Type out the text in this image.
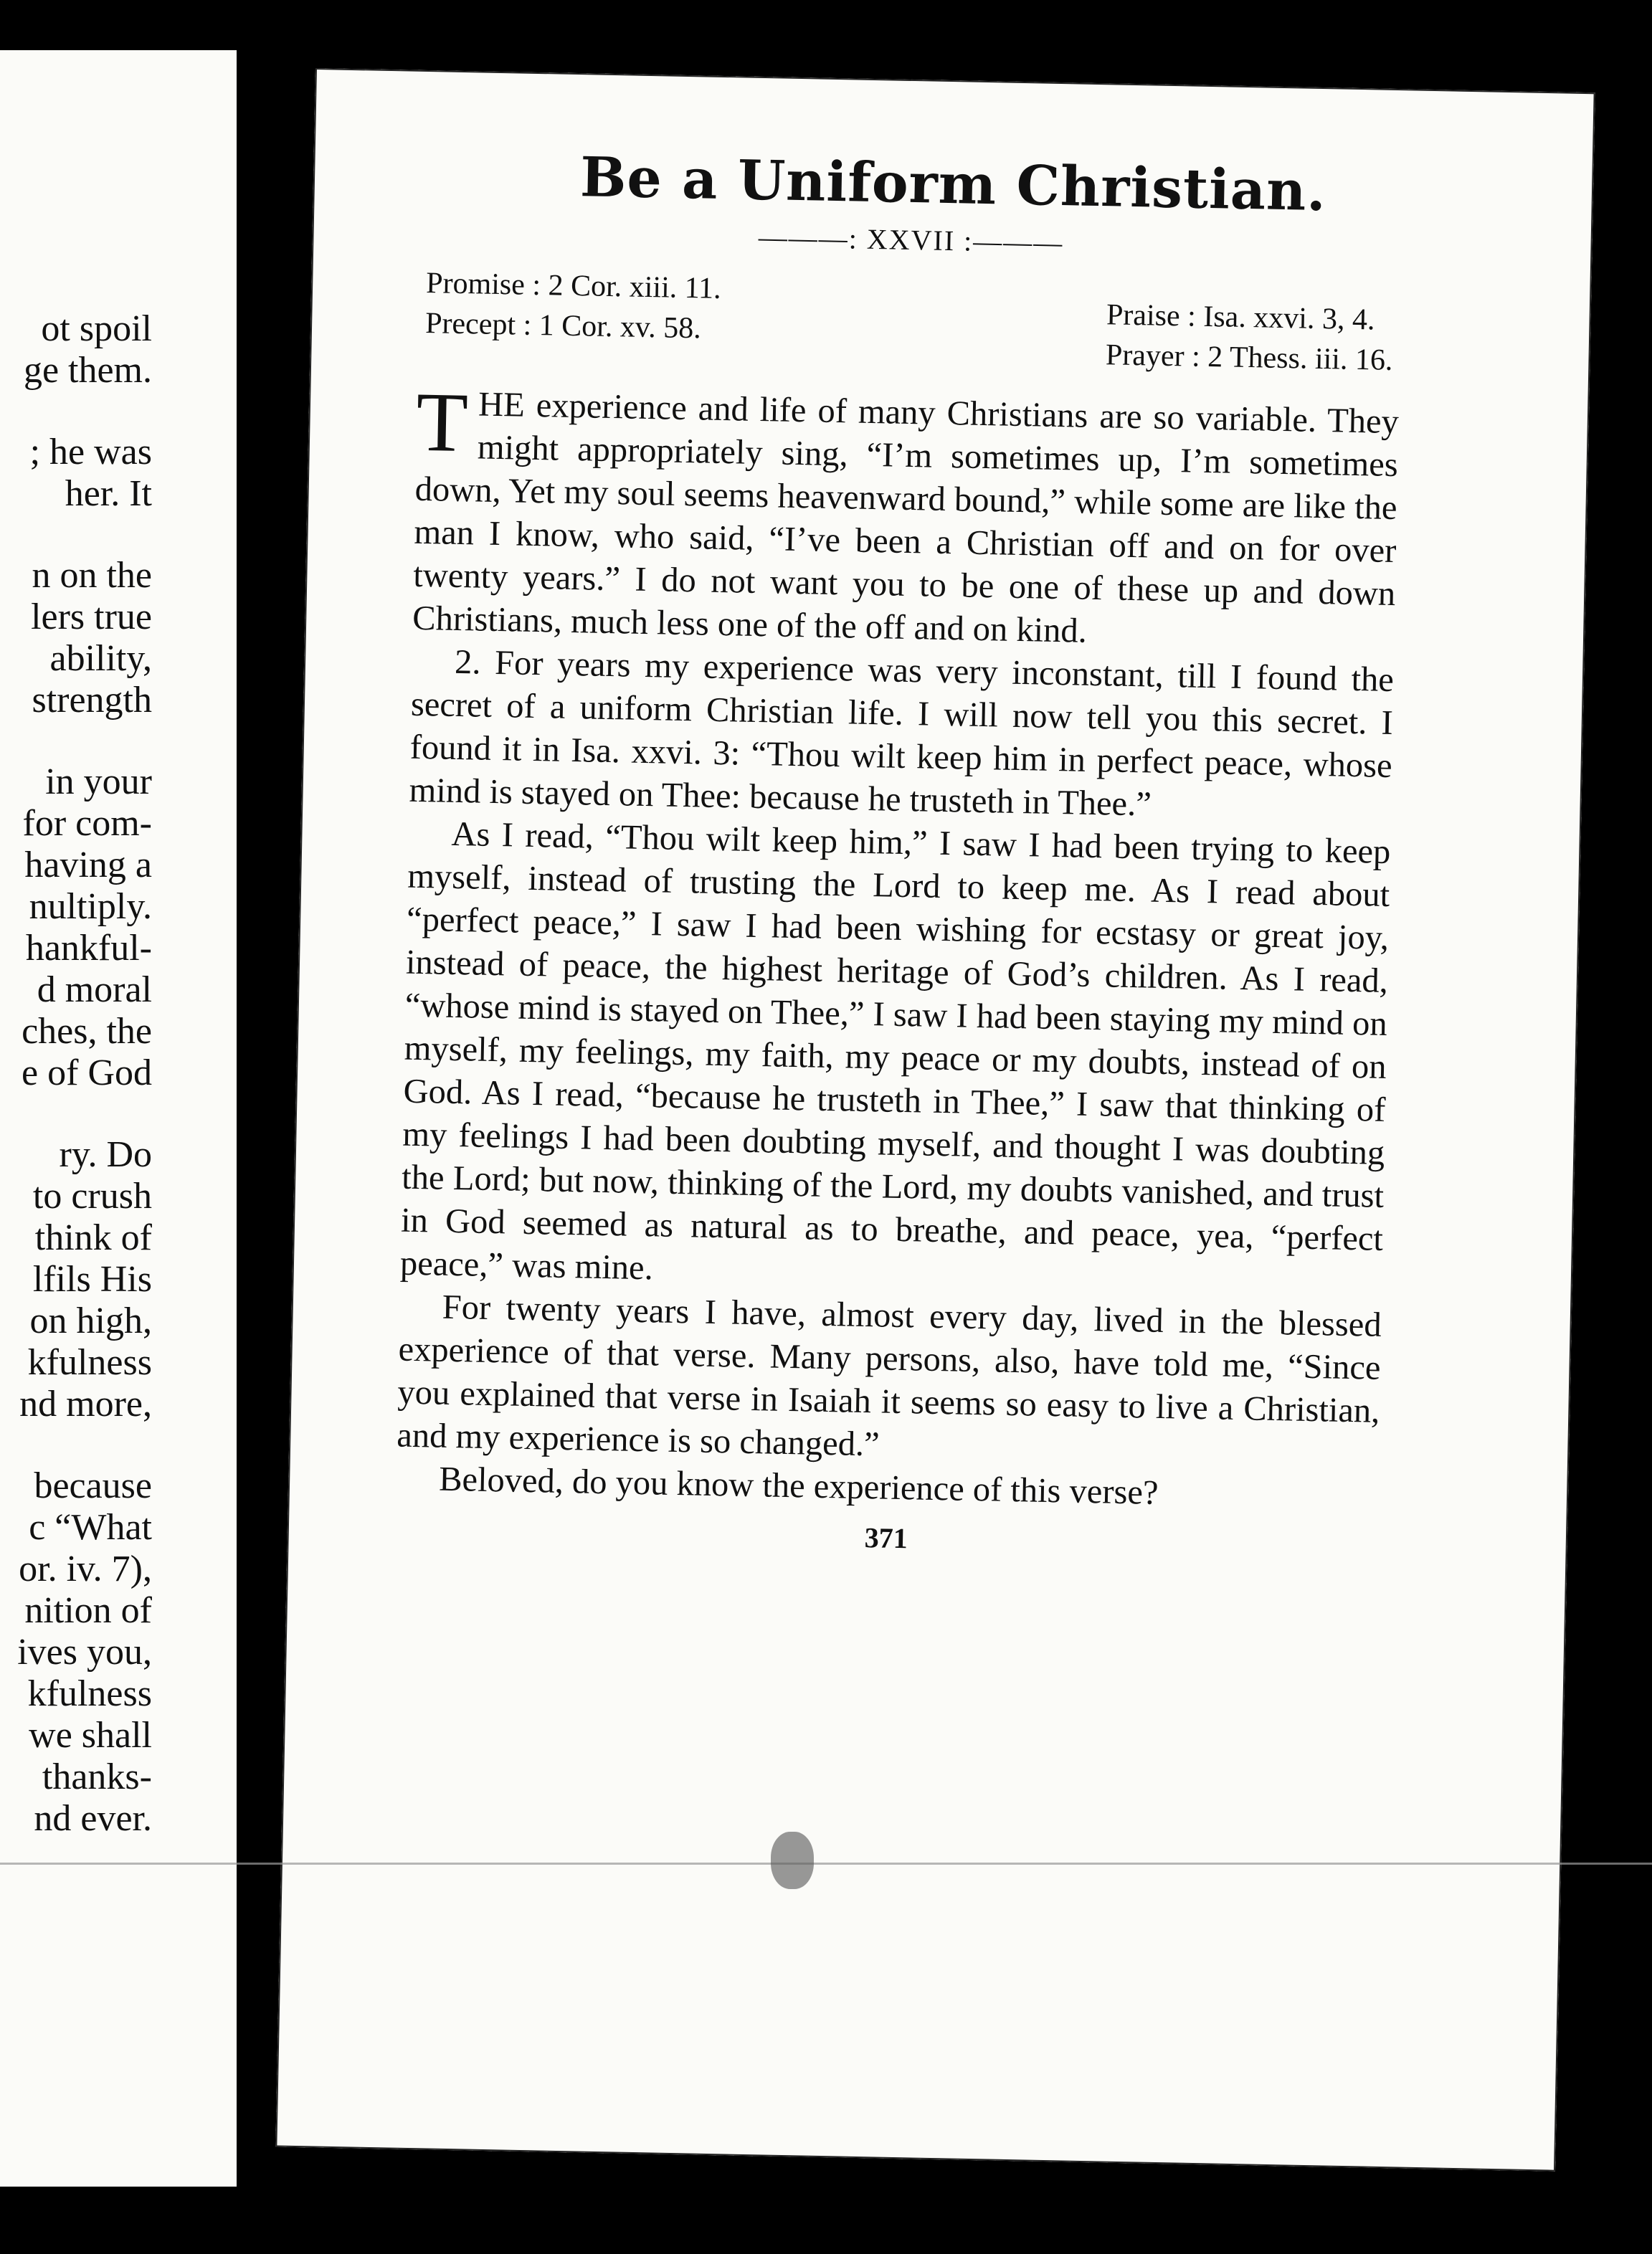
ot spoil
ge them.
; he was
her. It
n on the
lers true
ability,
strength
in your
for com-
having a
nultiply.
hankful-
d moral
ches, the
e of God
ry. Do
to crush
think of
lfils His
on high,
kfulness
nd more,
because
c “What
or. iv. 7),
nition of
ives you,
kfulness
we shall
thanks-
nd ever.
Be a Uniform Christian.
———: XXVII :———
Promise : 2 Cor. xiii. 11.
Precept : 1 Cor. xv. 58.	Praise : Isa. xxvi. 3, 4.
Prayer : 2 Thess. iii. 16.

THE experience and life of many Christians are so variable. They might appropriately sing, “I’m sometimes up, I’m sometimes down, Yet my soul seems heavenward bound,” while some are like the man I know, who said, “I’ve been a Christian off and on for over twenty years.” I do not want you to be one of these up and down Christians, much less one of the off and on kind.

2. For years my experience was very inconstant, till I found the secret of a uniform Christian life. I will now tell you this secret. I found it in Isa. xxvi. 3: “Thou wilt keep him in perfect peace, whose mind is stayed on Thee: because he trusteth in Thee.”

As I read, “Thou wilt keep him,” I saw I had been trying to keep myself, instead of trusting the Lord to keep me. As I read about “perfect peace,” I saw I had been wishing for ecstasy or great joy, instead of peace, the highest heritage of God’s children. As I read, “whose mind is stayed on Thee,” I saw I had been staying my mind on myself, my feelings, my faith, my peace or my doubts, instead of on God. As I read, “because he trusteth in Thee,” I saw that thinking of my feelings I had been doubting myself, and thought I was doubting the Lord; but now, thinking of the Lord, my doubts vanished, and trust in God seemed as natural as to breathe, and peace, yea, “perfect peace,” was mine.

For twenty years I have, almost every day, lived in the blessed experience of that verse. Many persons, also, have told me, “Since you explained that verse in Isaiah it seems so easy to live a Christian, and my experience is so changed.”

Beloved, do you know the experience of this verse?

371
